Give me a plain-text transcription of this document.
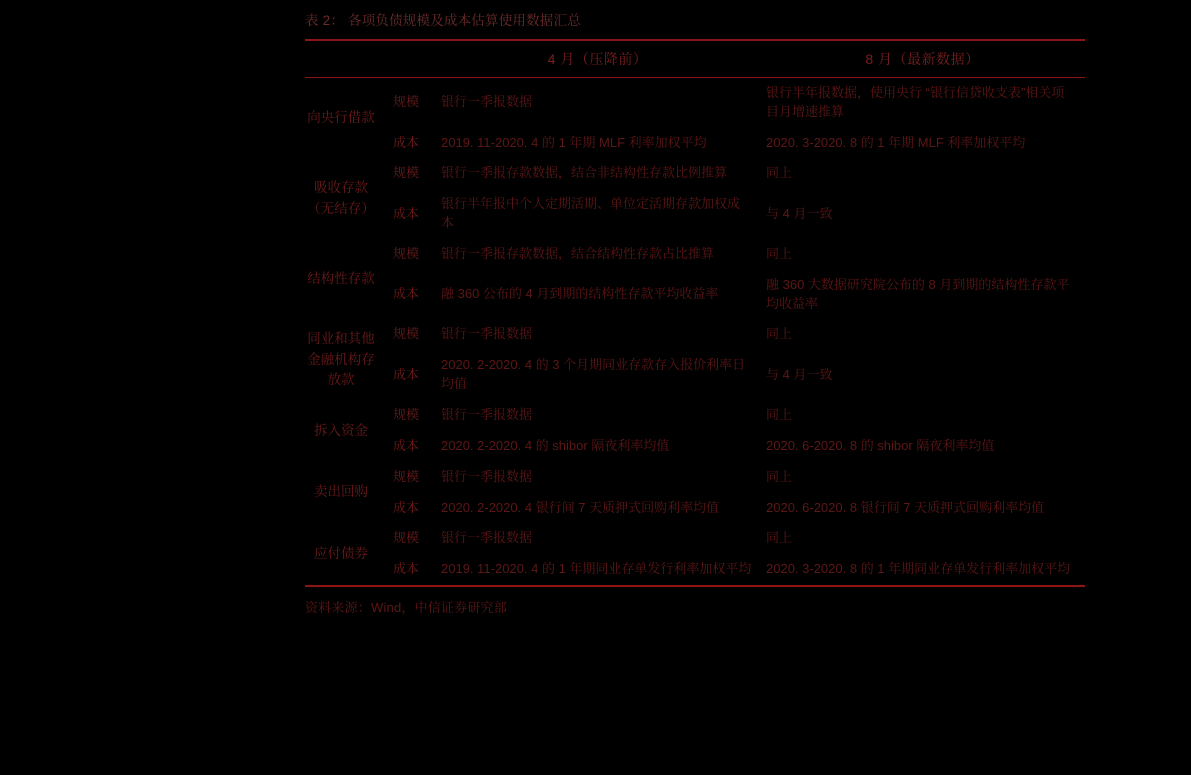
表 2： 各项负债规模及成本估算使用数据汇总
		4 月（压降前）	8 月（最新数据）
向央行借款	规模	银行一季报数据	银行半年报数据，使用央行 “银行信贷收支表”相关项目月增速推算
	成本	2019. 11-2020. 4 的 1 年期 MLF 利率加权平均	2020. 3-2020. 8 的 1 年期 MLF 利率加权平均
吸收存款（无结存）	规模	银行一季报存款数据，结合非结构性存款比例推算	同上
	成本	银行半年报中个人定期活期、单位定活期存款加权成本	与 4 月一致
结构性存款	规模	银行一季报存款数据，结合结构性存款占比推算	同上
	成本	融 360 公布的 4 月到期的结构性存款平均收益率	融 360 大数据研究院公布的 8 月到期的结构性存款平均收益率
同业和其他金融机构存放款	规模	银行一季报数据	同上
	成本	2020. 2-2020. 4 的 3 个月期同业存款存入报价利率日均值	与 4 月一致
拆入资金	规模	银行一季报数据	同上
	成本	2020. 2-2020. 4 的 shibor 隔夜利率均值	2020. 6-2020. 8 的 shibor 隔夜利率均值
卖出回购	规模	银行一季报数据	同上
	成本	2020. 2-2020. 4 银行间 7 天质押式回购利率均值	2020. 6-2020. 8 银行间 7 天质押式回购利率均值
应付债券	规模	银行一季报数据	同上
	成本	2019. 11-2020. 4 的 1 年期同业存单发行利率加权平均	2020. 3-2020. 8 的 1 年期同业存单发行利率加权平均
资料来源：Wind，中信证券研究部
